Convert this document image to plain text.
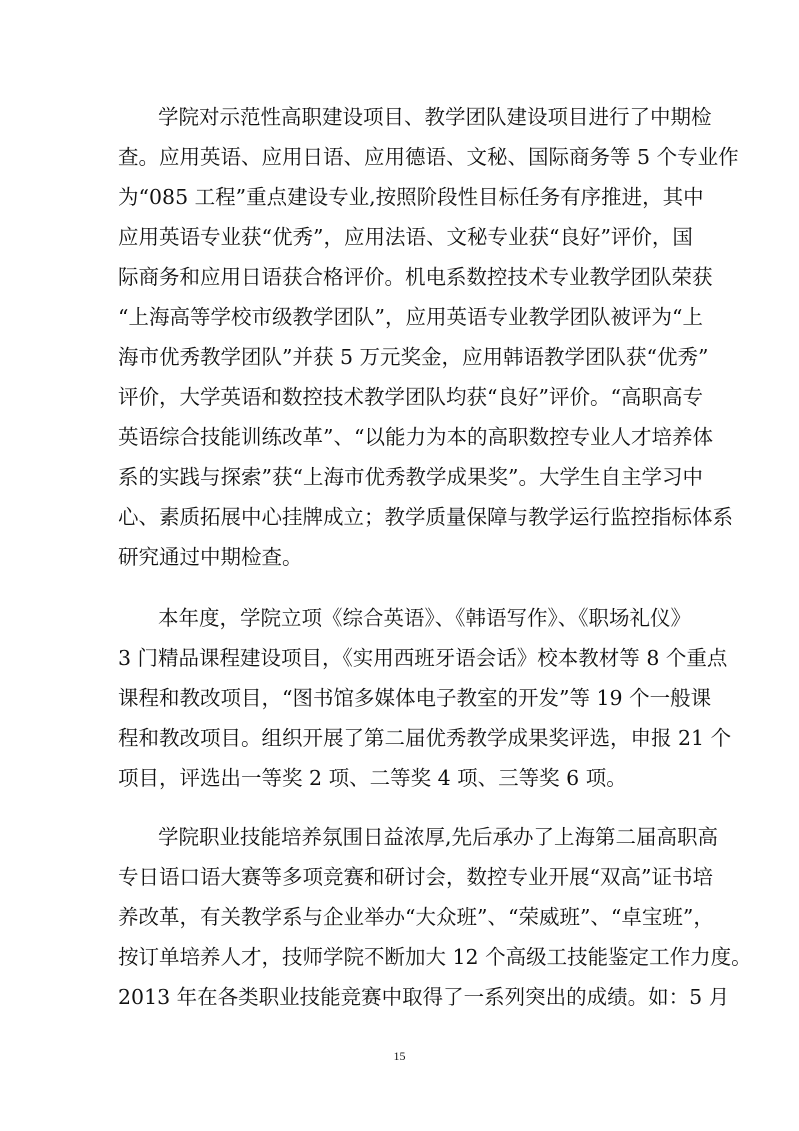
学院对示范性高职建设项目、教学团队建设项目进行了中期检
查。应用英语、应用日语、应用德语、文秘、国际商务等 5 个专业作
为“085 工程”重点建设专业,按照阶段性目标任务有序推进，其中
应用英语专业获“优秀”，应用法语、文秘专业获“良好”评价，国
际商务和应用日语获合格评价。机电系数控技术专业教学团队荣获
“上海高等学校市级教学团队”，应用英语专业教学团队被评为“上
海市优秀教学团队”并获 5 万元奖金，应用韩语教学团队获“优秀”
评价，大学英语和数控技术教学团队均获“良好”评价。“高职高专
英语综合技能训练改革”、“以能力为本的高职数控专业人才培养体
系的实践与探索”获“上海市优秀教学成果奖”。大学生自主学习中
心、素质拓展中心挂牌成立；教学质量保障与教学运行监控指标体系
研究通过中期检查。
本年度，学院立项《综合英语》、《韩语写作》、《职场礼仪》
3 门精品课程建设项目，《实用西班牙语会话》校本教材等 8 个重点
课程和教改项目，“图书馆多媒体电子教室的开发”等 19 个一般课
程和教改项目。组织开展了第二届优秀教学成果奖评选，申报 21 个
项目，评选出一等奖 2 项、二等奖 4 项、三等奖 6 项。
学院职业技能培养氛围日益浓厚,先后承办了上海第二届高职高
专日语口语大赛等多项竞赛和研讨会，数控专业开展“双高”证书培
养改革，有关教学系与企业举办“大众班”、“荣威班”、“卓宝班”，
按订单培养人才，技师学院不断加大 12 个高级工技能鉴定工作力度。
2013 年在各类职业技能竞赛中取得了一系列突出的成绩。如：5 月
15
